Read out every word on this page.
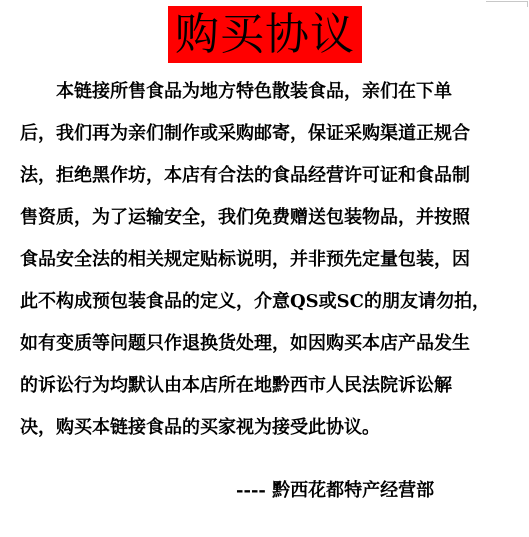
购买协议

本链接所售食品为地方特色散装食品，亲们在下单
后，我们再为亲们制作或采购邮寄，保证采购渠道正规合
法，拒绝黑作坊，本店有合法的食品经营许可证和食品制
售资质，为了运输安全，我们免费赠送包装物品，并按照
食品安全法的相关规定贴标说明，并非预先定量包装，因
此不构成预包装食品的定义，介意QS或SC的朋友请勿拍，
如有变质等问题只作退换货处理，如因购买本店产品发生
的诉讼行为均默认由本店所在地黔西市人民法院诉讼解
决，购买本链接食品的买家视为接受此协议。

---- 黔西花都特产经营部
